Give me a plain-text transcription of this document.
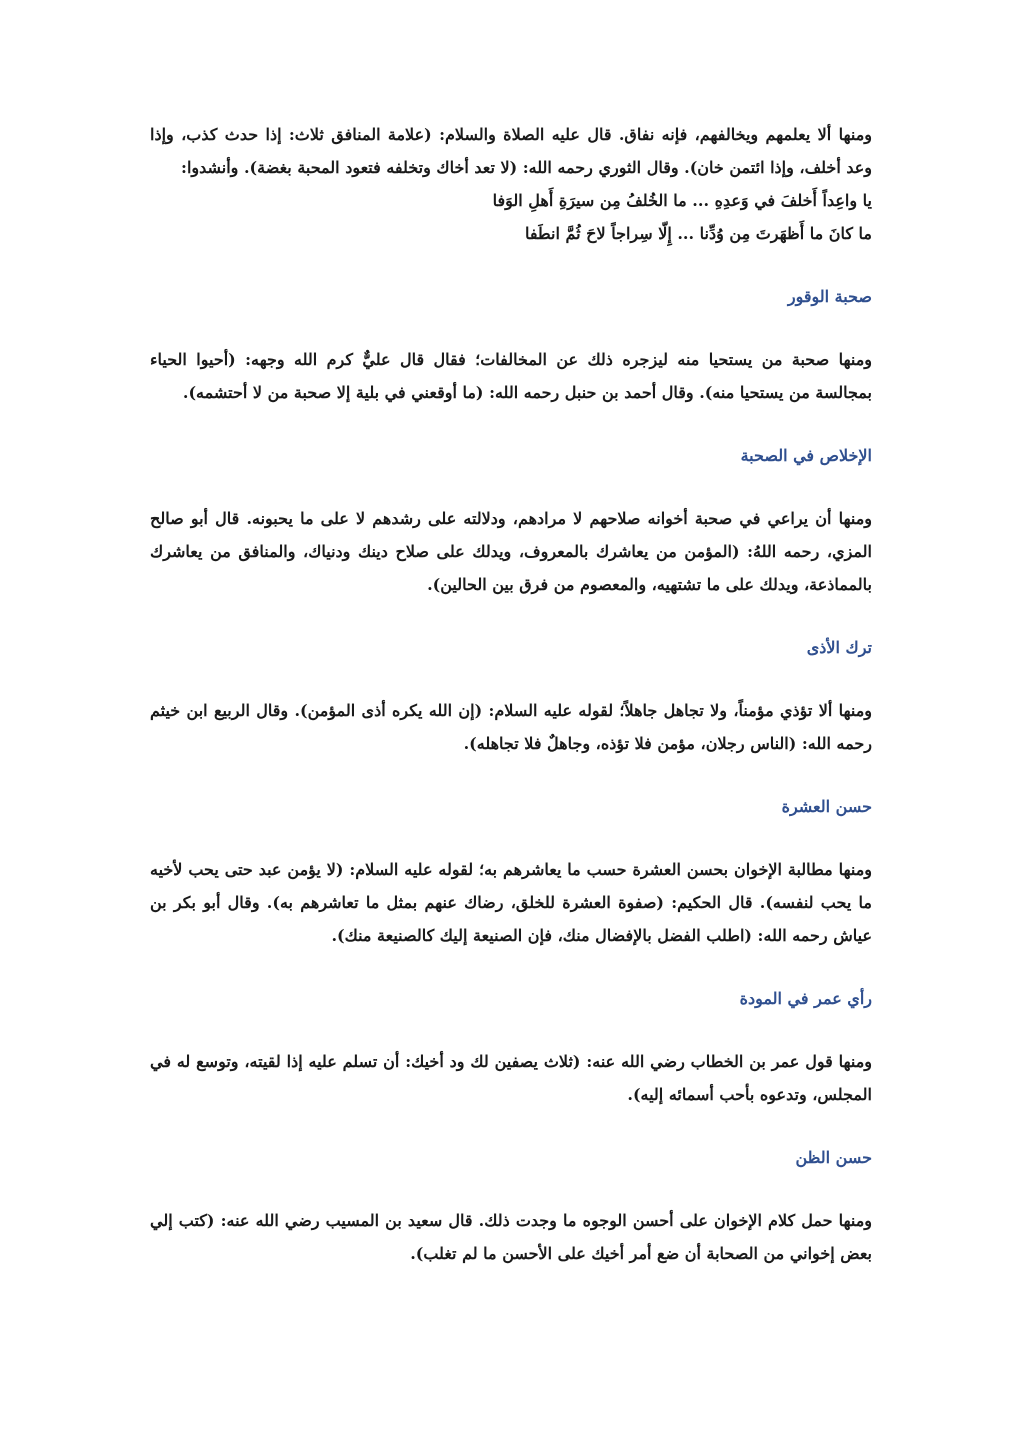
ومنها ألا يعلمهم ويخالفهم، فإنه نفاق. قال عليه الصلاة والسلام: (علامة المنافق ثلاث: إذا حدث كذب، وإذا وعد أخلف، وإذا ائتمن خان). وقال الثوري رحمه الله: (لا تعد أخاك وتخلفه فتعود المحبة بغضة). وأنشدوا:

يا واعِداً أَخلفَ في وَعدِهِ ... ما الخُلفُ مِن سيرَةِ أَهلِ الوَفا

ما كانَ ما أَظهَرتَ مِن وُدِّنا ... إِلّا سِراجاً لاحَ ثُمَّ انطَفا

صحبة الوقور

ومنها صحبة من يستحيا منه ليزجره ذلك عن المخالفات؛ فقال قال عليٌّ كرم الله وجهه: (أحيوا الحياء بمجالسة من يستحيا منه). وقال أحمد بن حنبل رحمه الله: (ما أوقعني في بلية إلا صحبة من لا أحتشمه).

الإخلاص في الصحبة

ومنها أن يراعي في صحبة أخوانه صلاحهم لا مرادهم، ودلالته على رشدهم لا على ما يحبونه. قال أبو صالح المزي، رحمه اللهُ: (المؤمن من يعاشرك بالمعروف، ويدلك على صلاح دينك ودنياك، والمنافق من يعاشرك بالمماذعة، ويدلك على ما تشتهيه، والمعصوم من فرق بين الحالين).

ترك الأذى

ومنها ألا تؤذي مؤمناً، ولا تجاهل جاهلاً؛ لقوله عليه السلام: (إن الله يكره أذى المؤمن). وقال الربيع ابن خيثم رحمه الله: (الناس رجلان، مؤمن فلا تؤذه، وجاهلٌ فلا تجاهله).

حسن العشرة

ومنها مطالبة الإخوان بحسن العشرة حسب ما يعاشرهم به؛ لقوله عليه السلام: (لا يؤمن عبد حتى يحب لأخيه ما يحب لنفسه). قال الحكيم: (صفوة العشرة للخلق، رضاك عنهم بمثل ما تعاشرهم به). وقال أبو بكر بن عياش رحمه الله: (اطلب الفضل بالإفضال منك، فإن الصنيعة إليك كالصنيعة منك).

رأي عمر في المودة

ومنها قول عمر بن الخطاب رضي الله عنه: (ثلاث يصفين لك ود أخيك: أن تسلم عليه إذا لقيته، وتوسع له في المجلس، وتدعوه بأحب أسمائه إليه).

حسن الظن

ومنها حمل كلام الإخوان على أحسن الوجوه ما وجدت ذلك. قال سعيد بن المسيب رضي الله عنه: (كتب إلي بعض إخواني من الصحابة أن ضع أمر أخيك على الأحسن ما لم تغلب).
